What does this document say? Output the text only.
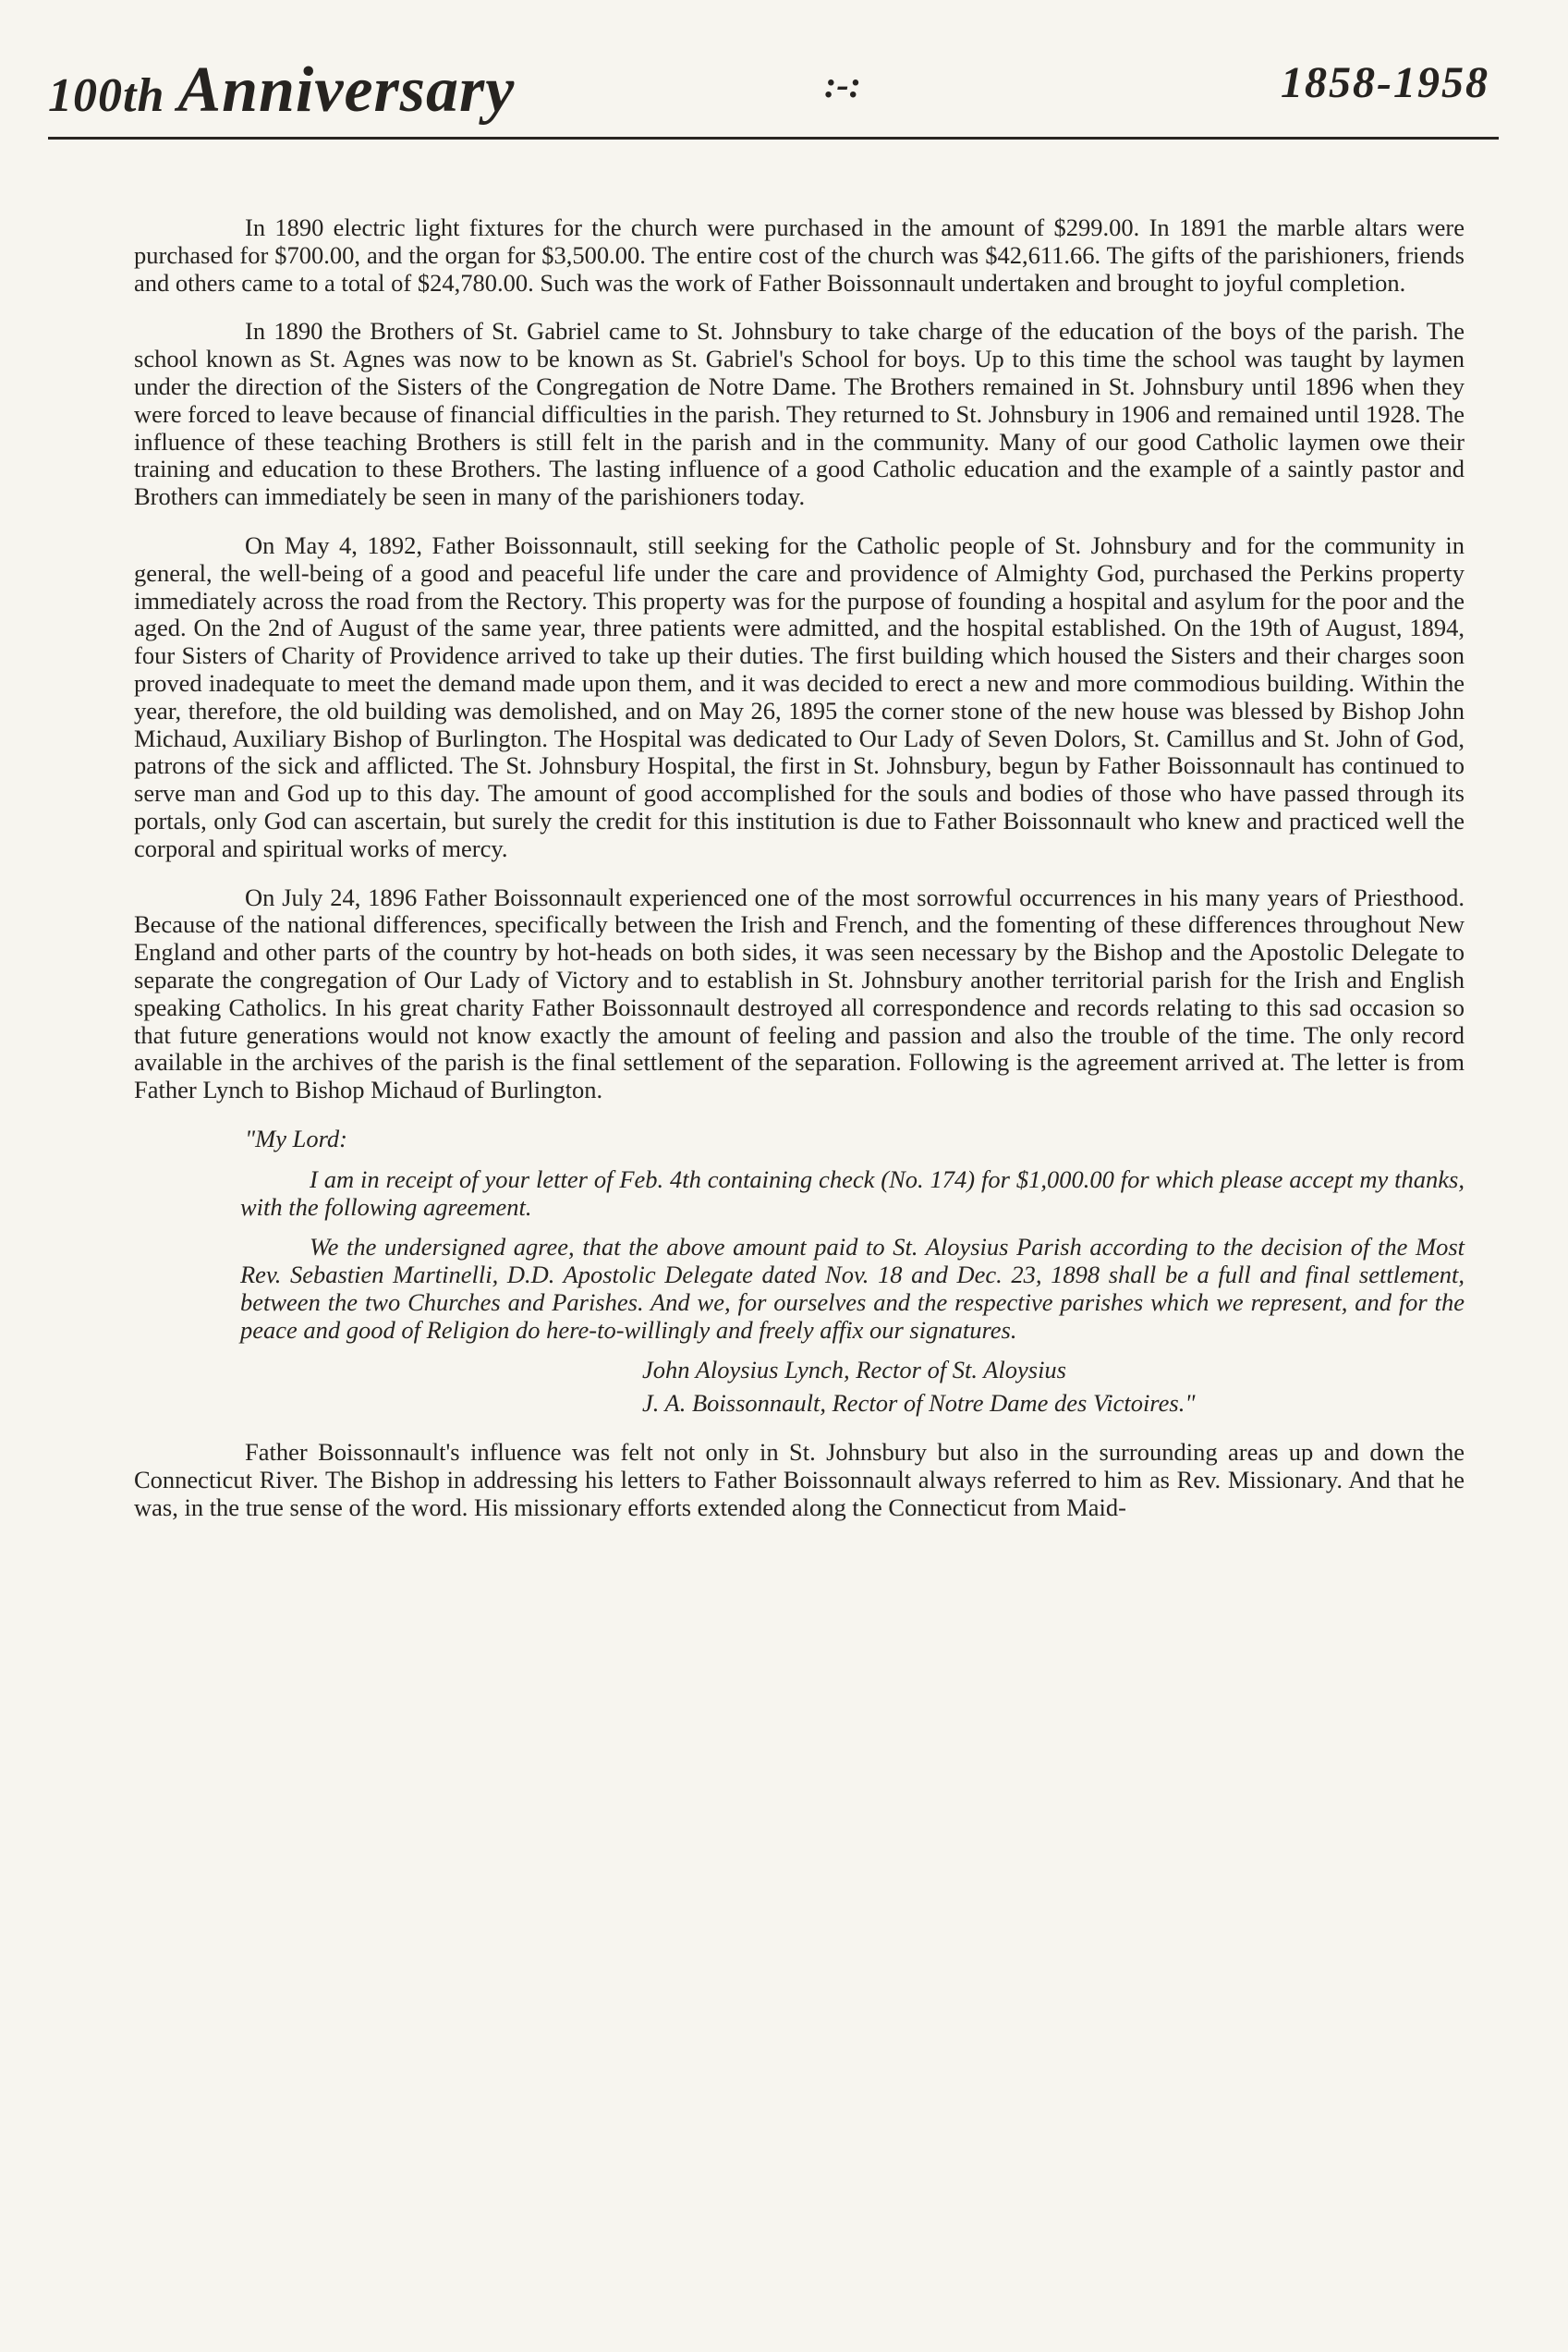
100th Anniversary	:-:	1858-1958

In 1890 electric light fixtures for the church were purchased in the amount of $299.00. In 1891 the marble altars were purchased for $700.00, and the organ for $3,500.00. The entire cost of the church was $42,611.66. The gifts of the parishioners, friends and others came to a total of $24,780.00. Such was the work of Father Boissonnault undertaken and brought to joyful completion.

In 1890 the Brothers of St. Gabriel came to St. Johnsbury to take charge of the education of the boys of the parish. The school known as St. Agnes was now to be known as St. Gabriel's School for boys. Up to this time the school was taught by laymen under the direction of the Sisters of the Congregation de Notre Dame. The Brothers remained in St. Johnsbury until 1896 when they were forced to leave because of financial difficulties in the parish. They returned to St. Johnsbury in 1906 and remained until 1928. The influence of these teaching Brothers is still felt in the parish and in the community. Many of our good Catholic laymen owe their training and education to these Brothers. The lasting influence of a good Catholic education and the example of a saintly pastor and Brothers can immediately be seen in many of the parishioners today.

On May 4, 1892, Father Boissonnault, still seeking for the Catholic people of St. Johnsbury and for the community in general, the well-being of a good and peaceful life under the care and providence of Almighty God, purchased the Perkins property immediately across the road from the Rectory. This property was for the purpose of founding a hospital and asylum for the poor and the aged. On the 2nd of August of the same year, three patients were admitted, and the hospital established. On the 19th of August, 1894, four Sisters of Charity of Providence arrived to take up their duties. The first building which housed the Sisters and their charges soon proved inadequate to meet the demand made upon them, and it was decided to erect a new and more commodious building. Within the year, therefore, the old building was demolished, and on May 26, 1895 the corner stone of the new house was blessed by Bishop John Michaud, Auxiliary Bishop of Burlington. The Hospital was dedicated to Our Lady of Seven Dolors, St. Camillus and St. John of God, patrons of the sick and afflicted. The St. Johnsbury Hospital, the first in St. Johnsbury, begun by Father Boissonnault has continued to serve man and God up to this day. The amount of good accomplished for the souls and bodies of those who have passed through its portals, only God can ascertain, but surely the credit for this institution is due to Father Boissonnault who knew and practiced well the corporal and spiritual works of mercy.

On July 24, 1896 Father Boissonnault experienced one of the most sorrowful occurrences in his many years of Priesthood. Because of the national differences, specifically between the Irish and French, and the fomenting of these differences throughout New England and other parts of the country by hot-heads on both sides, it was seen necessary by the Bishop and the Apostolic Delegate to separate the congregation of Our Lady of Victory and to establish in St. Johnsbury another territorial parish for the Irish and English speaking Catholics. In his great charity Father Boissonnault destroyed all correspondence and records relating to this sad occasion so that future generations would not know exactly the amount of feeling and passion and also the trouble of the time. The only record available in the archives of the parish is the final settlement of the separation. Following is the agreement arrived at. The letter is from Father Lynch to Bishop Michaud of Burlington.

"My Lord:

I am in receipt of your letter of Feb. 4th containing check (No. 174) for $1,000.00 for which please accept my thanks, with the following agreement.

We the undersigned agree, that the above amount paid to St. Aloysius Parish according to the decision of the Most Rev. Sebastien Martinelli, D.D. Apostolic Delegate dated Nov. 18 and Dec. 23, 1898 shall be a full and final settlement, between the two Churches and Parishes. And we, for ourselves and the respective parishes which we represent, and for the peace and good of Religion do here-to-willingly and freely affix our signatures.

John Aloysius Lynch, Rector of St. Aloysius
J. A. Boissonnault, Rector of Notre Dame des Victoires."

Father Boissonnault's influence was felt not only in St. Johnsbury but also in the surrounding areas up and down the Connecticut River. The Bishop in addressing his letters to Father Boissonnault always referred to him as Rev. Missionary. And that he was, in the true sense of the word. His missionary efforts extended along the Connecticut from Maid-
